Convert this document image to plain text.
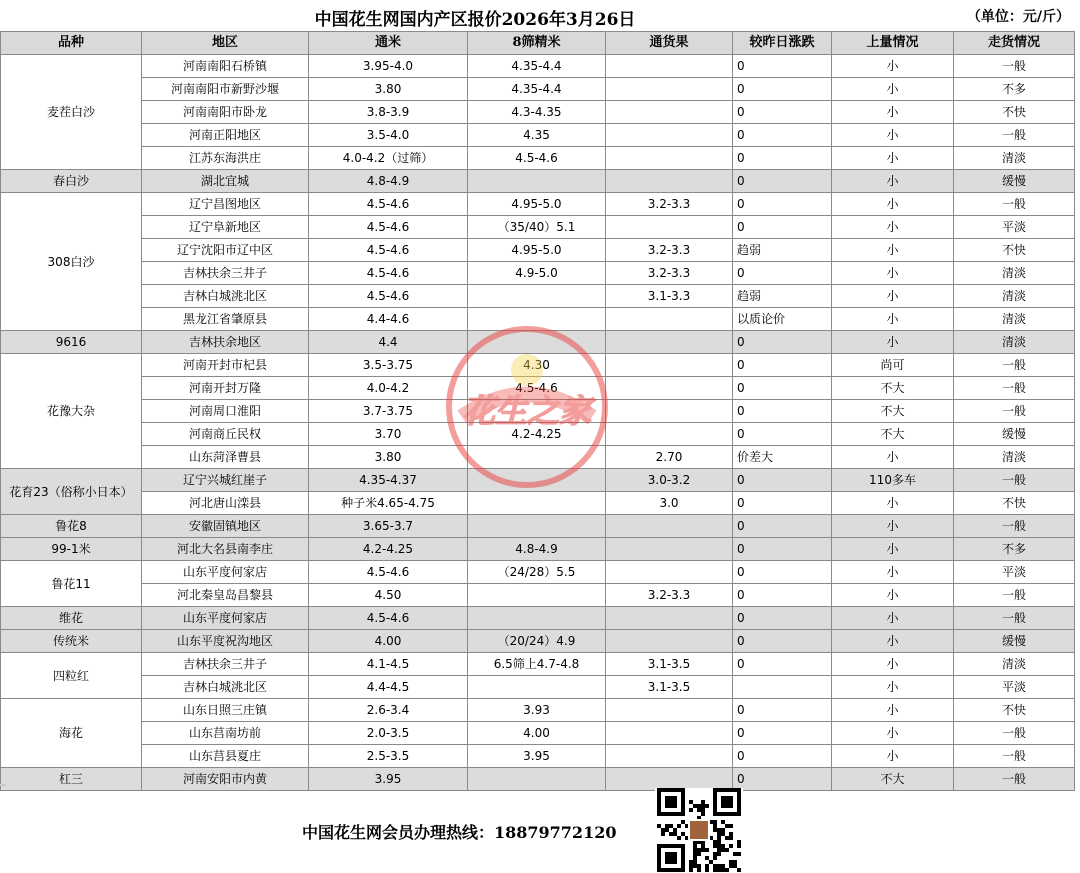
中国花生网国内产区报价2026年3月26日	（单位：元/斤）
品种	地区	通米	8筛精米	通货果	较昨日涨跌	上量情况	走货情况
麦茬白沙	河南南阳石桥镇	3.95-4.0	4.35-4.4		0	小	一般
	河南南阳市新野沙堰	3.80	4.35-4.4		0	小	不多
	河南南阳市卧龙	3.8-3.9	4.3-4.35		0	小	不快
	河南正阳地区	3.5-4.0	4.35		0	小	一般
	江苏东海洪庄	4.0-4.2（过筛）	4.5-4.6		0	小	清淡
春白沙	湖北宜城	4.8-4.9			0	小	缓慢
308白沙	辽宁昌图地区	4.5-4.6	4.95-5.0	3.2-3.3	0	小	一般
	辽宁阜新地区	4.5-4.6	（35/40）5.1		0	小	平淡
	辽宁沈阳市辽中区	4.5-4.6	4.95-5.0	3.2-3.3	趋弱	小	不快
	吉林扶余三井子	4.5-4.6	4.9-5.0	3.2-3.3	0	小	清淡
	吉林白城洮北区	4.5-4.6		3.1-3.3	趋弱	小	清淡
	黑龙江省肇原县	4.4-4.6			以质论价	小	清淡
9616	吉林扶余地区	4.4			0	小	清淡
花豫大杂	河南开封市杞县	3.5-3.75	4.30		0	尚可	一般
	河南开封万隆	4.0-4.2	4.5-4.6		0	不大	一般
	河南周口淮阳	3.7-3.75			0	不大	一般
	河南商丘民权	3.70	4.2-4.25		0	不大	缓慢
	山东菏泽曹县	3.80		2.70	价差大	小	清淡
花育23（俗称小日本）	辽宁兴城红崖子	4.35-4.37		3.0-3.2	0	110多车	一般
	河北唐山滦县	种子米4.65-4.75		3.0	0	小	不快
鲁花8	安徽固镇地区	3.65-3.7			0	小	一般
99-1米	河北大名县南李庄	4.2-4.25	4.8-4.9		0	小	不多
鲁花11	山东平度何家店	4.5-4.6	（24/28）5.5		0	小	平淡
	河北秦皇岛昌黎县	4.50		3.2-3.3	0	小	一般
维花	山东平度何家店	4.5-4.6			0	小	一般
传统米	山东平度祝沟地区	4.00	（20/24）4.9		0	小	缓慢
四粒红	吉林扶余三井子	4.1-4.5	6.5筛上4.7-4.8	3.1-3.5	0	小	清淡
	吉林白城洮北区	4.4-4.5		3.1-3.5		小	平淡
海花	山东日照三庄镇	2.6-3.4	3.93		0	小	不快
	山东莒南坊前	2.0-3.5	4.00		0	小	一般
	山东莒县夏庄	2.5-3.5	3.95		0	小	一般
杠三	河南安阳市内黄	3.95			0	不大	一般
花生之家
中国花生网会员办理热线：18879772120
